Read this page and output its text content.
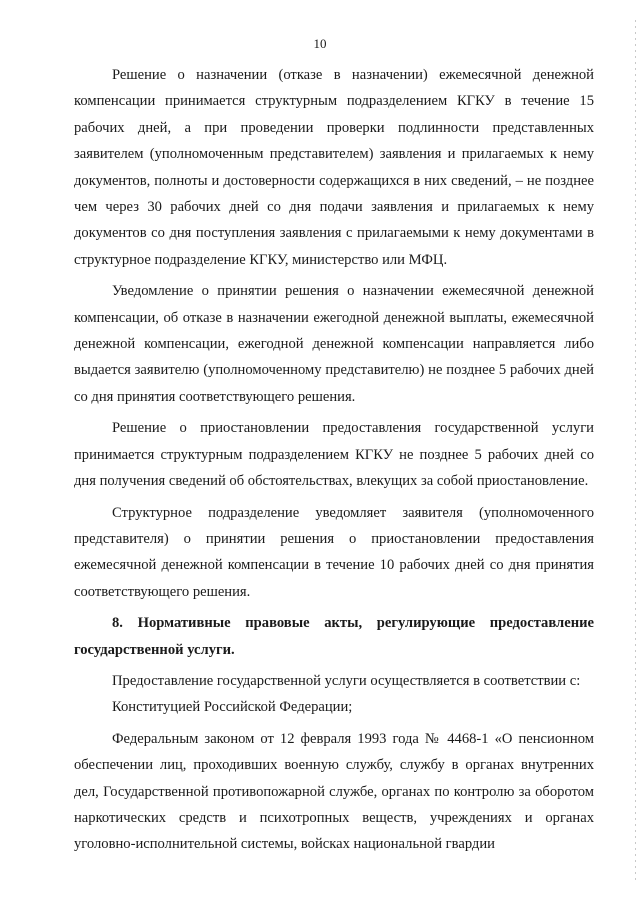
10

Решение о назначении (отказе в назначении) ежемесячной денежной компенсации принимается структурным подразделением КГКУ в течение 15 рабочих дней, а при проведении проверки подлинности представленных заявителем (уполномоченным представителем) заявления и прилагаемых к нему документов, полноты и достоверности содержащихся в них сведений, – не позднее чем через 30 рабочих дней со дня подачи заявления и прилагаемых к нему документов со дня поступления заявления с прилагаемыми к нему документами в структурное подразделение КГКУ, министерство или МФЦ.

Уведомление о принятии решения о назначении ежемесячной денежной компенсации, об отказе в назначении ежегодной денежной выплаты, ежемесячной денежной компенсации, ежегодной денежной компенсации направляется либо выдается заявителю (уполномоченному представителю) не позднее 5 рабочих дней со дня принятия соответствующего решения.

Решение о приостановлении предоставления государственной услуги принимается структурным подразделением КГКУ не позднее 5 рабочих дней со дня получения сведений об обстоятельствах, влекущих за собой приостановление.

Структурное подразделение уведомляет заявителя (уполномоченного представителя) о принятии решения о приостановлении предоставления ежемесячной денежной компенсации в течение 10 рабочих дней со дня принятия соответствующего решения.

8. Нормативные правовые акты, регулирующие предоставление государственной услуги.

Предоставление государственной услуги осуществляется в соответствии с:

Конституцией Российской Федерации;

Федеральным законом от 12 февраля 1993 года № 4468-1 «О пенсионном обеспечении лиц, проходивших военную службу, службу в органах внутренних дел, Государственной противопожарной службе, органах по контролю за оборотом наркотических средств и психотропных веществ, учреждениях и органах уголовно-исполнительной системы, войсках национальной гвардии
